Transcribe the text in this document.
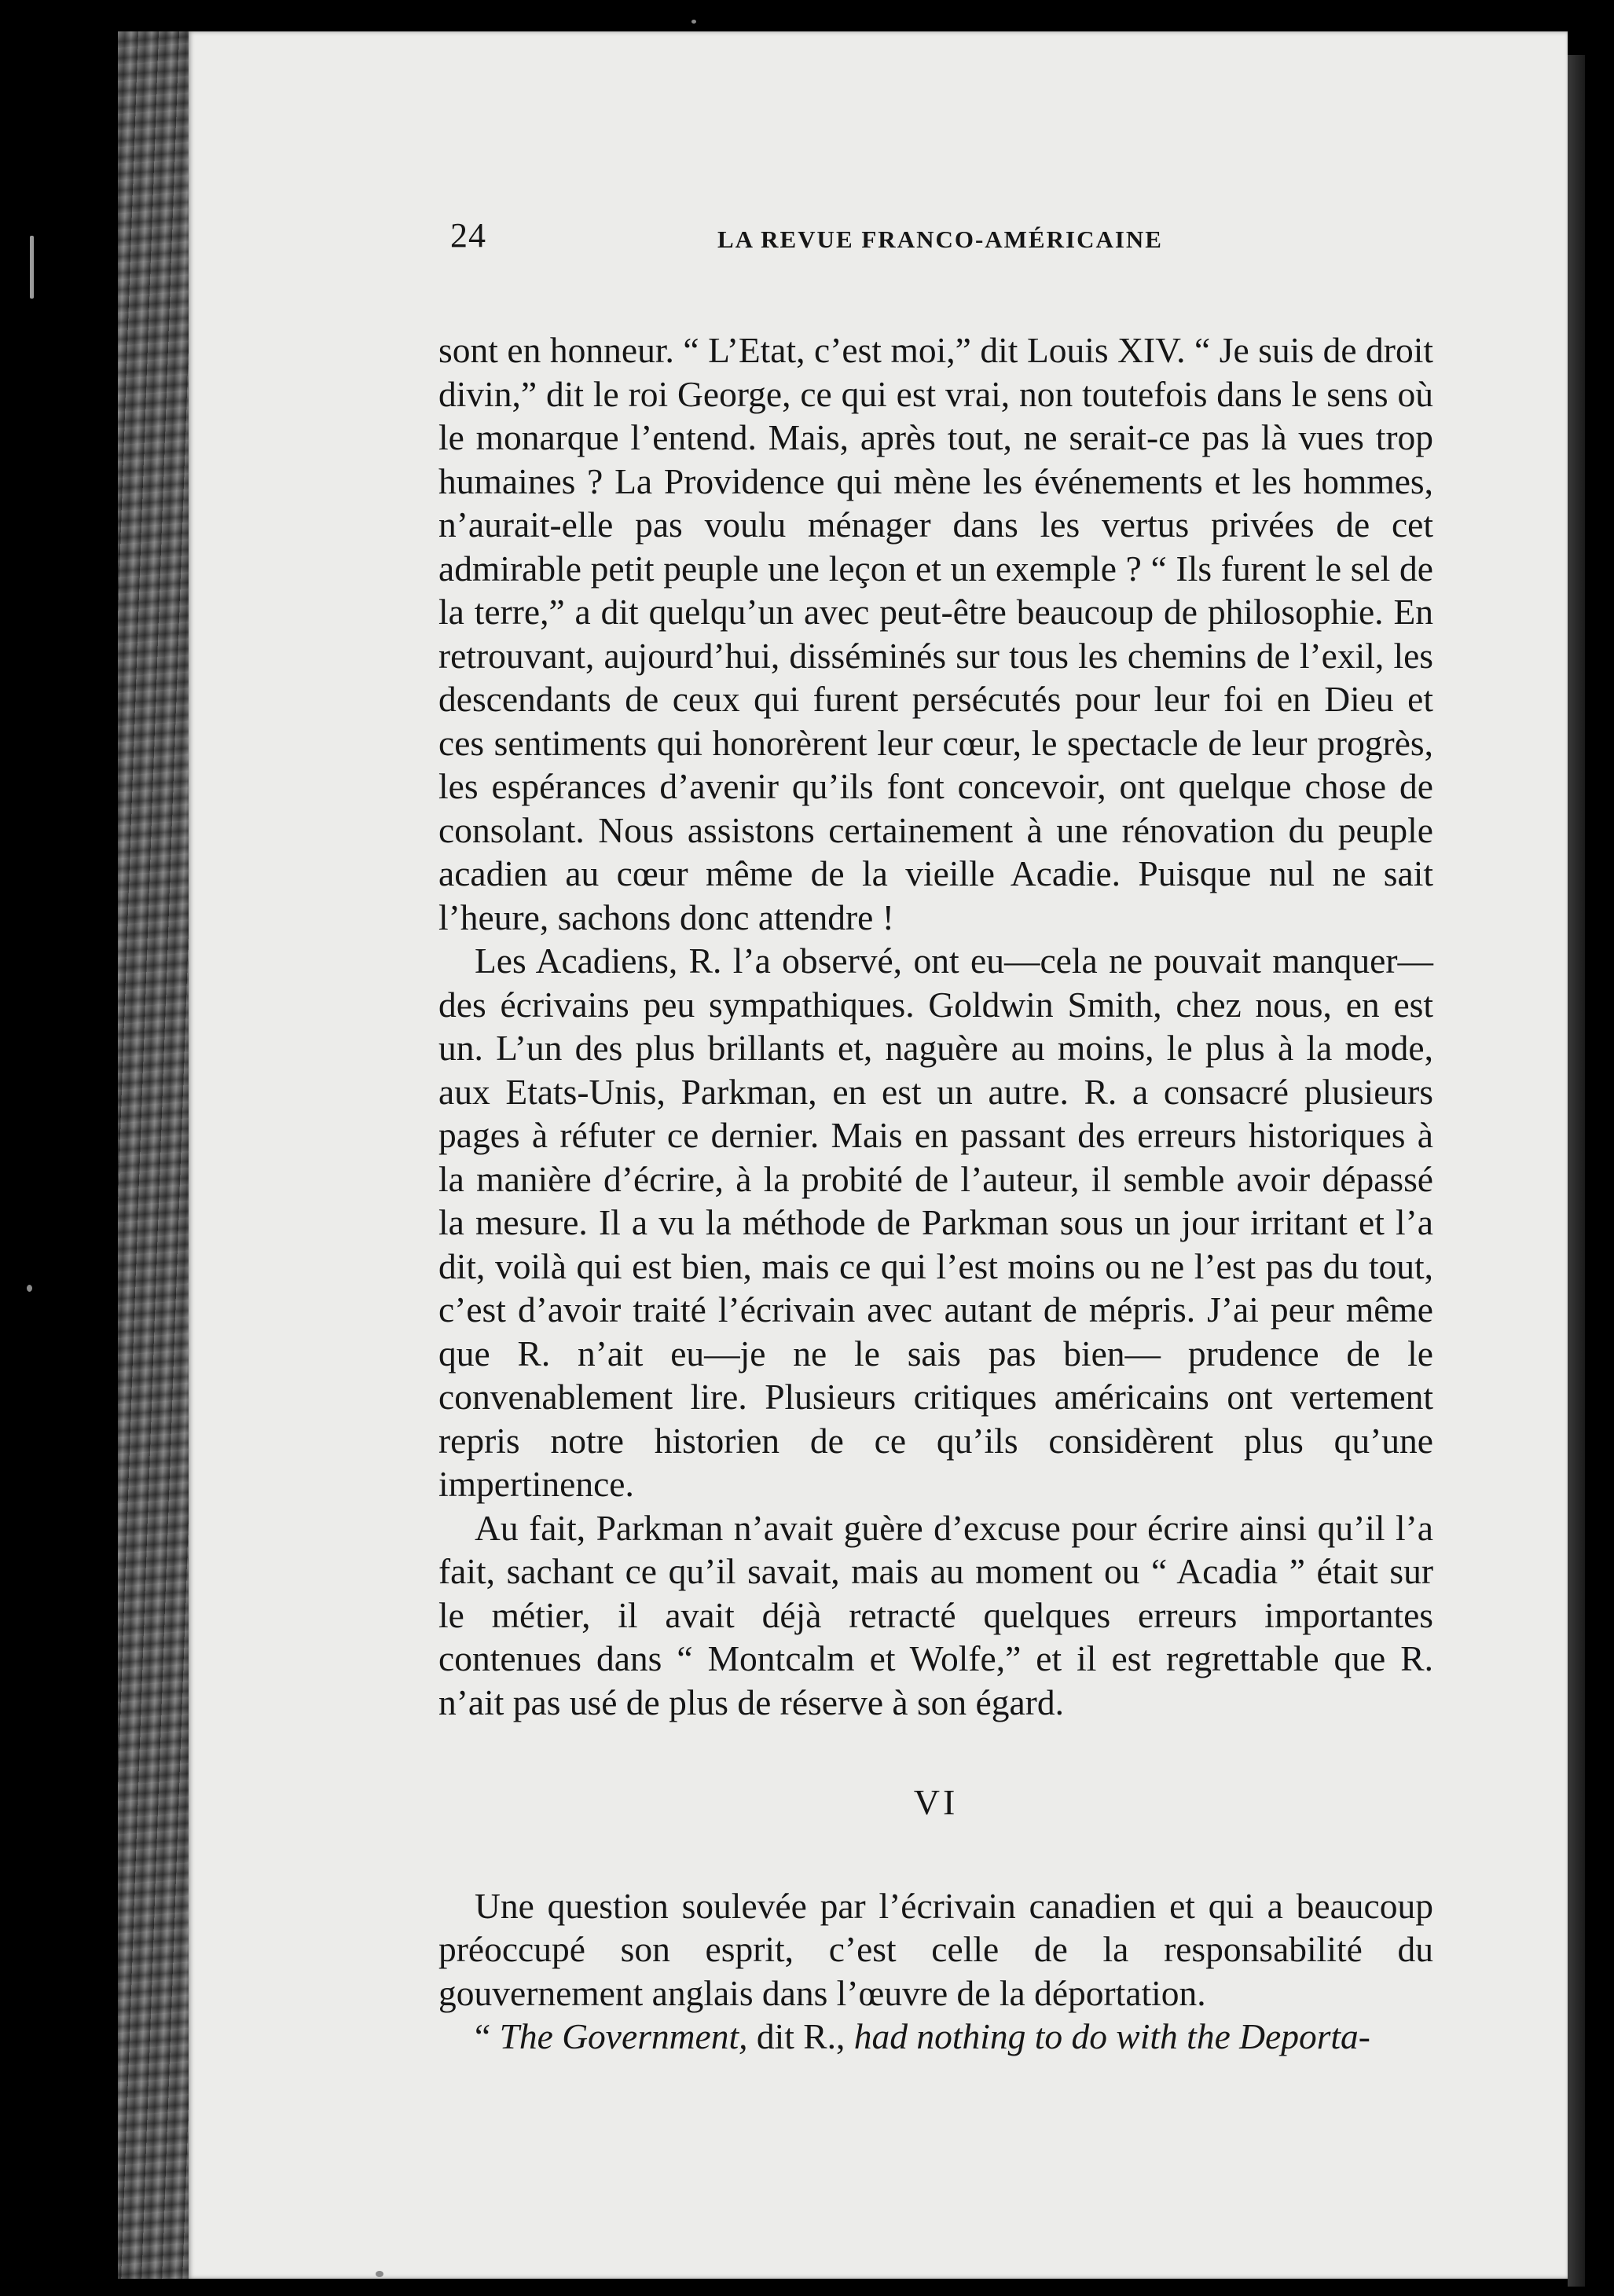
24	LA REVUE FRANCO-AMÉRICAINE

sont en honneur. “ L’Etat, c’est moi,” dit Louis XIV. “ Je suis de droit divin,” dit le roi George, ce qui est vrai, non toutefois dans le sens où le monarque l’entend. Mais, après tout, ne serait-ce pas là vues trop humaines ? La Providence qui mène les événements et les hommes, n’aurait-elle pas voulu ménager dans les vertus privées de cet admirable petit peuple une leçon et un exemple ? “ Ils furent le sel de la terre,” a dit quelqu’un avec peut-être beaucoup de philosophie. En retrouvant, aujourd’hui, disséminés sur tous les chemins de l’exil, les descendants de ceux qui furent persécutés pour leur foi en Dieu et ces sentiments qui honorèrent leur cœur, le spectacle de leur progrès, les espérances d’avenir qu’ils font concevoir, ont quelque chose de consolant. Nous assistons certainement à une rénovation du peuple acadien au cœur même de la vieille Acadie. Puisque nul ne sait l’heure, sachons donc attendre !

Les Acadiens, R. l’a observé, ont eu—cela ne pouvait manquer—des écrivains peu sympathiques. Goldwin Smith, chez nous, en est un. L’un des plus brillants et, naguère au moins, le plus à la mode, aux Etats-Unis, Parkman, en est un autre. R. a consacré plusieurs pages à réfuter ce dernier. Mais en passant des erreurs historiques à la manière d’écrire, à la probité de l’auteur, il semble avoir dépassé la mesure. Il a vu la méthode de Parkman sous un jour irritant et l’a dit, voilà qui est bien, mais ce qui l’est moins ou ne l’est pas du tout, c’est d’avoir traité l’écrivain avec autant de mépris. J’ai peur même que R. n’ait eu—je ne le sais pas bien— prudence de le convenablement lire. Plusieurs critiques américains ont vertement repris notre historien de ce qu’ils considèrent plus qu’une impertinence.

Au fait, Parkman n’avait guère d’excuse pour écrire ainsi qu’il l’a fait, sachant ce qu’il savait, mais au moment ou “ Acadia ” était sur le métier, il avait déjà retracté quelques erreurs importantes contenues dans “ Montcalm et Wolfe,” et il est regrettable que R. n’ait pas usé de plus de réserve à son égard.

VI

Une question soulevée par l’écrivain canadien et qui a beaucoup préoccupé son esprit, c’est celle de la responsabilité du gouvernement anglais dans l’œuvre de la déportation.

“ The Government, dit R., had nothing to do with the Deporta-
